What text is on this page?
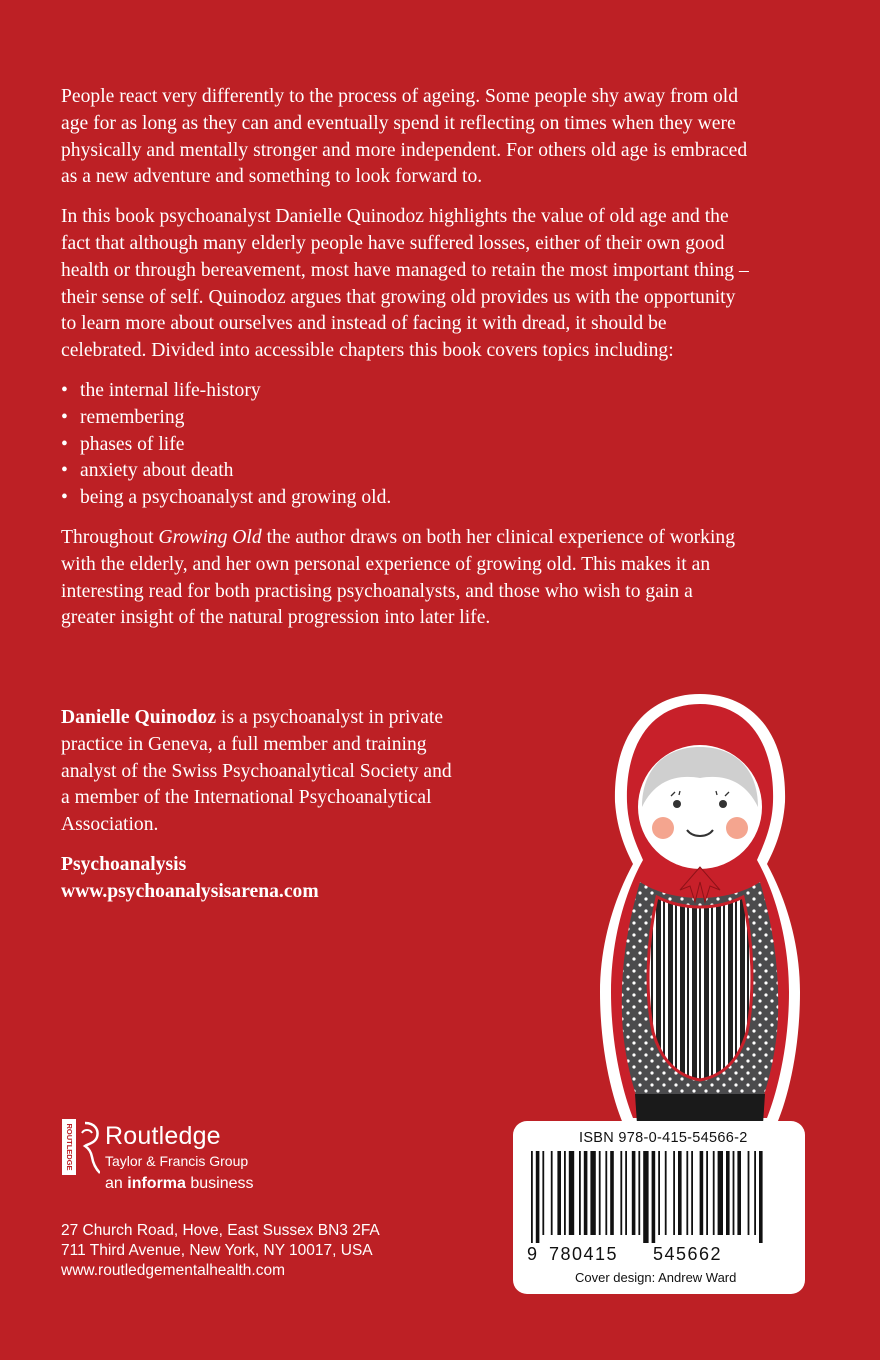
People react very differently to the process of ageing. Some people shy away from old age for as long as they can and eventually spend it reflecting on times when they were physically and mentally stronger and more independent. For others old age is embraced as a new adventure and something to look forward to.

In this book psychoanalyst Danielle Quinodoz highlights the value of old age and the fact that although many elderly people have suffered losses, either of their own good health or through bereavement, most have managed to retain the most important thing – their sense of self. Quinodoz argues that growing old provides us with the opportunity to learn more about ourselves and instead of facing it with dread, it should be celebrated. Divided into accessible chapters this book covers topics including:

• the internal life-history
• remembering
• phases of life
• anxiety about death
• being a psychoanalyst and growing old.

Throughout Growing Old the author draws on both her clinical experience of working with the elderly, and her own personal experience of growing old. This makes it an interesting read for both practising psychoanalysts, and those who wish to gain a greater insight of the natural progression into later life.

Danielle Quinodoz is a psychoanalyst in private practice in Geneva, a full member and training analyst of the Swiss Psychoanalytical Society and a member of the International Psychoanalytical Association.

Psychoanalysis
www.psychoanalysisarena.com

ROUTLEDGE Routledge
Taylor & Francis Group
an informa business
27 Church Road, Hove, East Sussex BN3 2FA
711 Third Avenue, New York, NY 10017, USA
www.routledgementalhealth.com
ISBN 978-0-415-54566-2
9 780415 545662
Cover design: Andrew Ward
